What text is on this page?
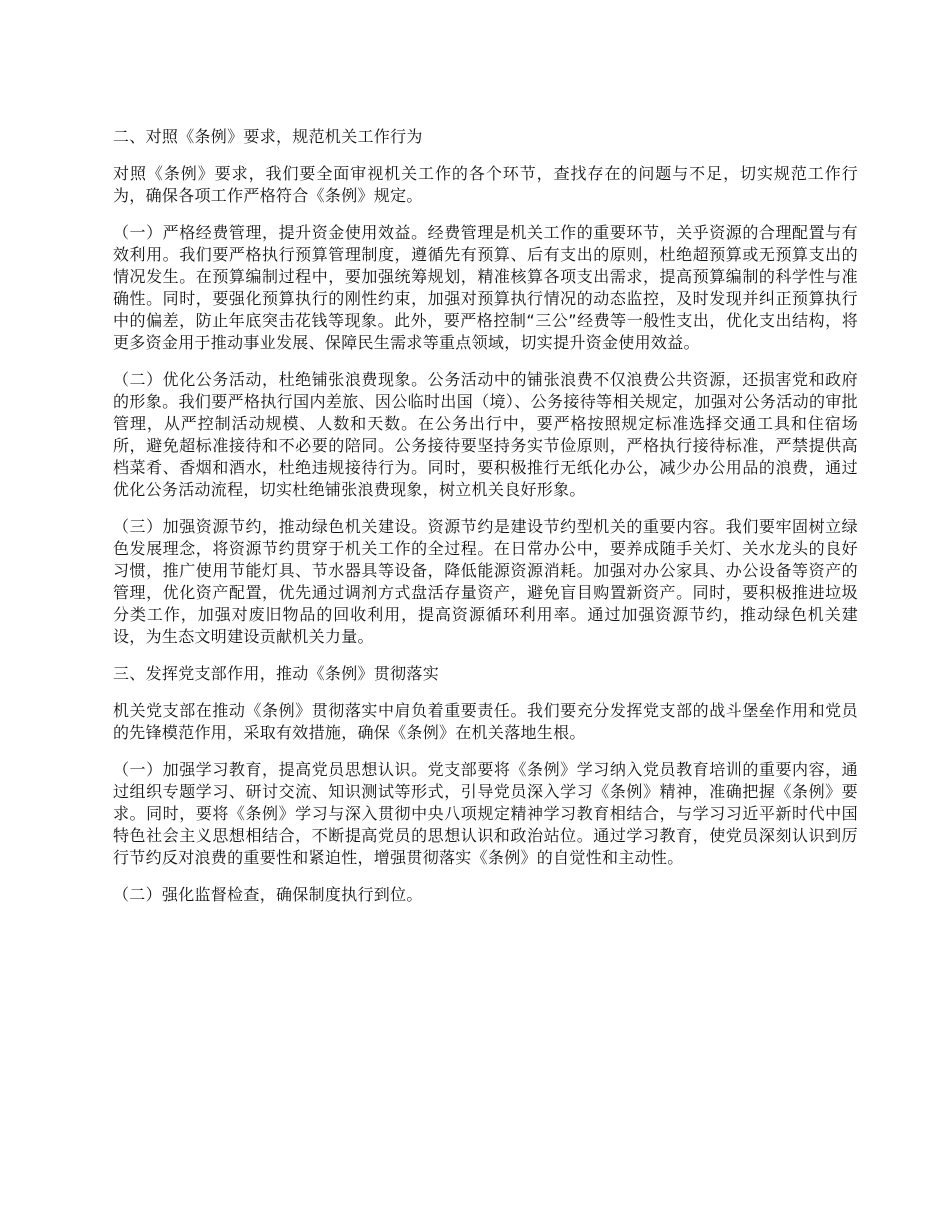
二、对照《条例》要求，规范机关工作行为

对照《条例》要求，我们要全面审视机关工作的各个环节，查找存在的问题与不足，切实规范工作行为，确保各项工作严格符合《条例》规定。

（一）严格经费管理，提升资金使用效益。经费管理是机关工作的重要环节，关乎资源的合理配置与有效利用。我们要严格执行预算管理制度，遵循先有预算、后有支出的原则，杜绝超预算或无预算支出的情况发生。在预算编制过程中，要加强统筹规划，精准核算各项支出需求，提高预算编制的科学性与准确性。同时，要强化预算执行的刚性约束，加强对预算执行情况的动态监控，及时发现并纠正预算执行中的偏差，防止年底突击花钱等现象。此外，要严格控制“三公”经费等一般性支出，优化支出结构，将更多资金用于推动事业发展、保障民生需求等重点领域，切实提升资金使用效益。

（二）优化公务活动，杜绝铺张浪费现象。公务活动中的铺张浪费不仅浪费公共资源，还损害党和政府的形象。我们要严格执行国内差旅、因公临时出国（境）、公务接待等相关规定，加强对公务活动的审批管理，从严控制活动规模、人数和天数。在公务出行中，要严格按照规定标准选择交通工具和住宿场所，避免超标准接待和不必要的陪同。公务接待要坚持务实节俭原则，严格执行接待标准，严禁提供高档菜肴、香烟和酒水，杜绝违规接待行为。同时，要积极推行无纸化办公，减少办公用品的浪费，通过优化公务活动流程，切实杜绝铺张浪费现象，树立机关良好形象。

（三）加强资源节约，推动绿色机关建设。资源节约是建设节约型机关的重要内容。我们要牢固树立绿色发展理念，将资源节约贯穿于机关工作的全过程。在日常办公中，要养成随手关灯、关水龙头的良好习惯，推广使用节能灯具、节水器具等设备，降低能源资源消耗。加强对办公家具、办公设备等资产的管理，优化资产配置，优先通过调剂方式盘活存量资产，避免盲目购置新资产。同时，要积极推进垃圾分类工作，加强对废旧物品的回收利用，提高资源循环利用率。通过加强资源节约，推动绿色机关建设，为生态文明建设贡献机关力量。

三、发挥党支部作用，推动《条例》贯彻落实

机关党支部在推动《条例》贯彻落实中肩负着重要责任。我们要充分发挥党支部的战斗堡垒作用和党员的先锋模范作用，采取有效措施，确保《条例》在机关落地生根。

（一）加强学习教育，提高党员思想认识。党支部要将《条例》学习纳入党员教育培训的重要内容，通过组织专题学习、研讨交流、知识测试等形式，引导党员深入学习《条例》精神，准确把握《条例》要求。同时，要将《条例》学习与深入贯彻中央八项规定精神学习教育相结合，与学习习近平新时代中国特色社会主义思想相结合，不断提高党员的思想认识和政治站位。通过学习教育，使党员深刻认识到厉行节约反对浪费的重要性和紧迫性，增强贯彻落实《条例》的自觉性和主动性。

（二）强化监督检查，确保制度执行到位。
